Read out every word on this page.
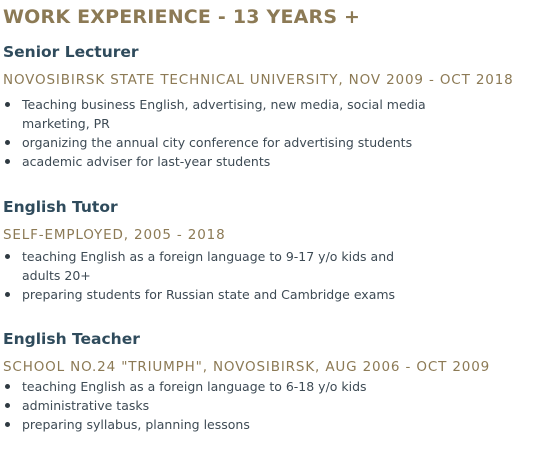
WORK EXPERIENCE - 13 YEARS +
Senior Lecturer

NOVOSIBIRSK STATE TECHNICAL UNIVERSITY, NOV 2009 - OCT 2018

Teaching business English, advertising, new media, social media marketing, PR
organizing the annual city conference for advertising students
academic adviser for last-year students
English Tutor

SELF-EMPLOYED, 2005 - 2018

teaching English as a foreign language to 9-17 y/o kids and adults 20+
preparing students for Russian state and Cambridge exams
English Teacher

SCHOOL NO.24 "TRIUMPH", NOVOSIBIRSK, AUG 2006 - OCT 2009

teaching English as a foreign language to 6-18 y/o kids
administrative tasks
preparing syllabus, planning lessons
